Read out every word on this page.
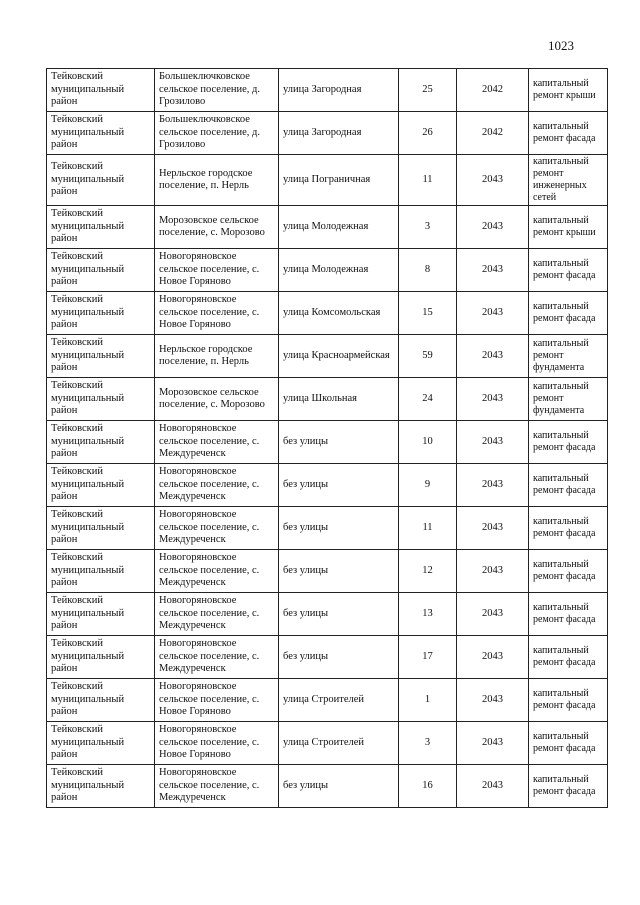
1023
Тейковский муниципальный район	Большеключковское сельское поселение, д. Грозилово	улица Загородная	25	2042	капитальный ремонт крыши
Тейковский муниципальный район	Большеключковское сельское поселение, д. Грозилово	улица Загородная	26	2042	капитальный ремонт фасада
Тейковский муниципальный район	Нерльское городское поселение, п. Нерль	улица Пограничная	11	2043	капитальный ремонт инженерных сетей
Тейковский муниципальный район	Морозовское сельское поселение, с. Морозово	улица Молодежная	3	2043	капитальный ремонт крыши
Тейковский муниципальный район	Новогоряновское сельское поселение, с. Новое Горяново	улица Молодежная	8	2043	капитальный ремонт фасада
Тейковский муниципальный район	Новогоряновское сельское поселение, с. Новое Горяново	улица Комсомольская	15	2043	капитальный ремонт фасада
Тейковский муниципальный район	Нерльское городское поселение, п. Нерль	улица Красноармейская	59	2043	капитальный ремонт фундамента
Тейковский муниципальный район	Морозовское сельское поселение, с. Морозово	улица Школьная	24	2043	капитальный ремонт фундамента
Тейковский муниципальный район	Новогоряновское сельское поселение, с. Междуреченск	без улицы	10	2043	капитальный ремонт фасада
Тейковский муниципальный район	Новогоряновское сельское поселение, с. Междуреченск	без улицы	9	2043	капитальный ремонт фасада
Тейковский муниципальный район	Новогоряновское сельское поселение, с. Междуреченск	без улицы	11	2043	капитальный ремонт фасада
Тейковский муниципальный район	Новогоряновское сельское поселение, с. Междуреченск	без улицы	12	2043	капитальный ремонт фасада
Тейковский муниципальный район	Новогоряновское сельское поселение, с. Междуреченск	без улицы	13	2043	капитальный ремонт фасада
Тейковский муниципальный район	Новогоряновское сельское поселение, с. Междуреченск	без улицы	17	2043	капитальный ремонт фасада
Тейковский муниципальный район	Новогоряновское сельское поселение, с. Новое Горяново	улица Строителей	1	2043	капитальный ремонт фасада
Тейковский муниципальный район	Новогоряновское сельское поселение, с. Новое Горяново	улица Строителей	3	2043	капитальный ремонт фасада
Тейковский муниципальный район	Новогоряновское сельское поселение, с. Междуреченск	без улицы	16	2043	капитальный ремонт фасада
